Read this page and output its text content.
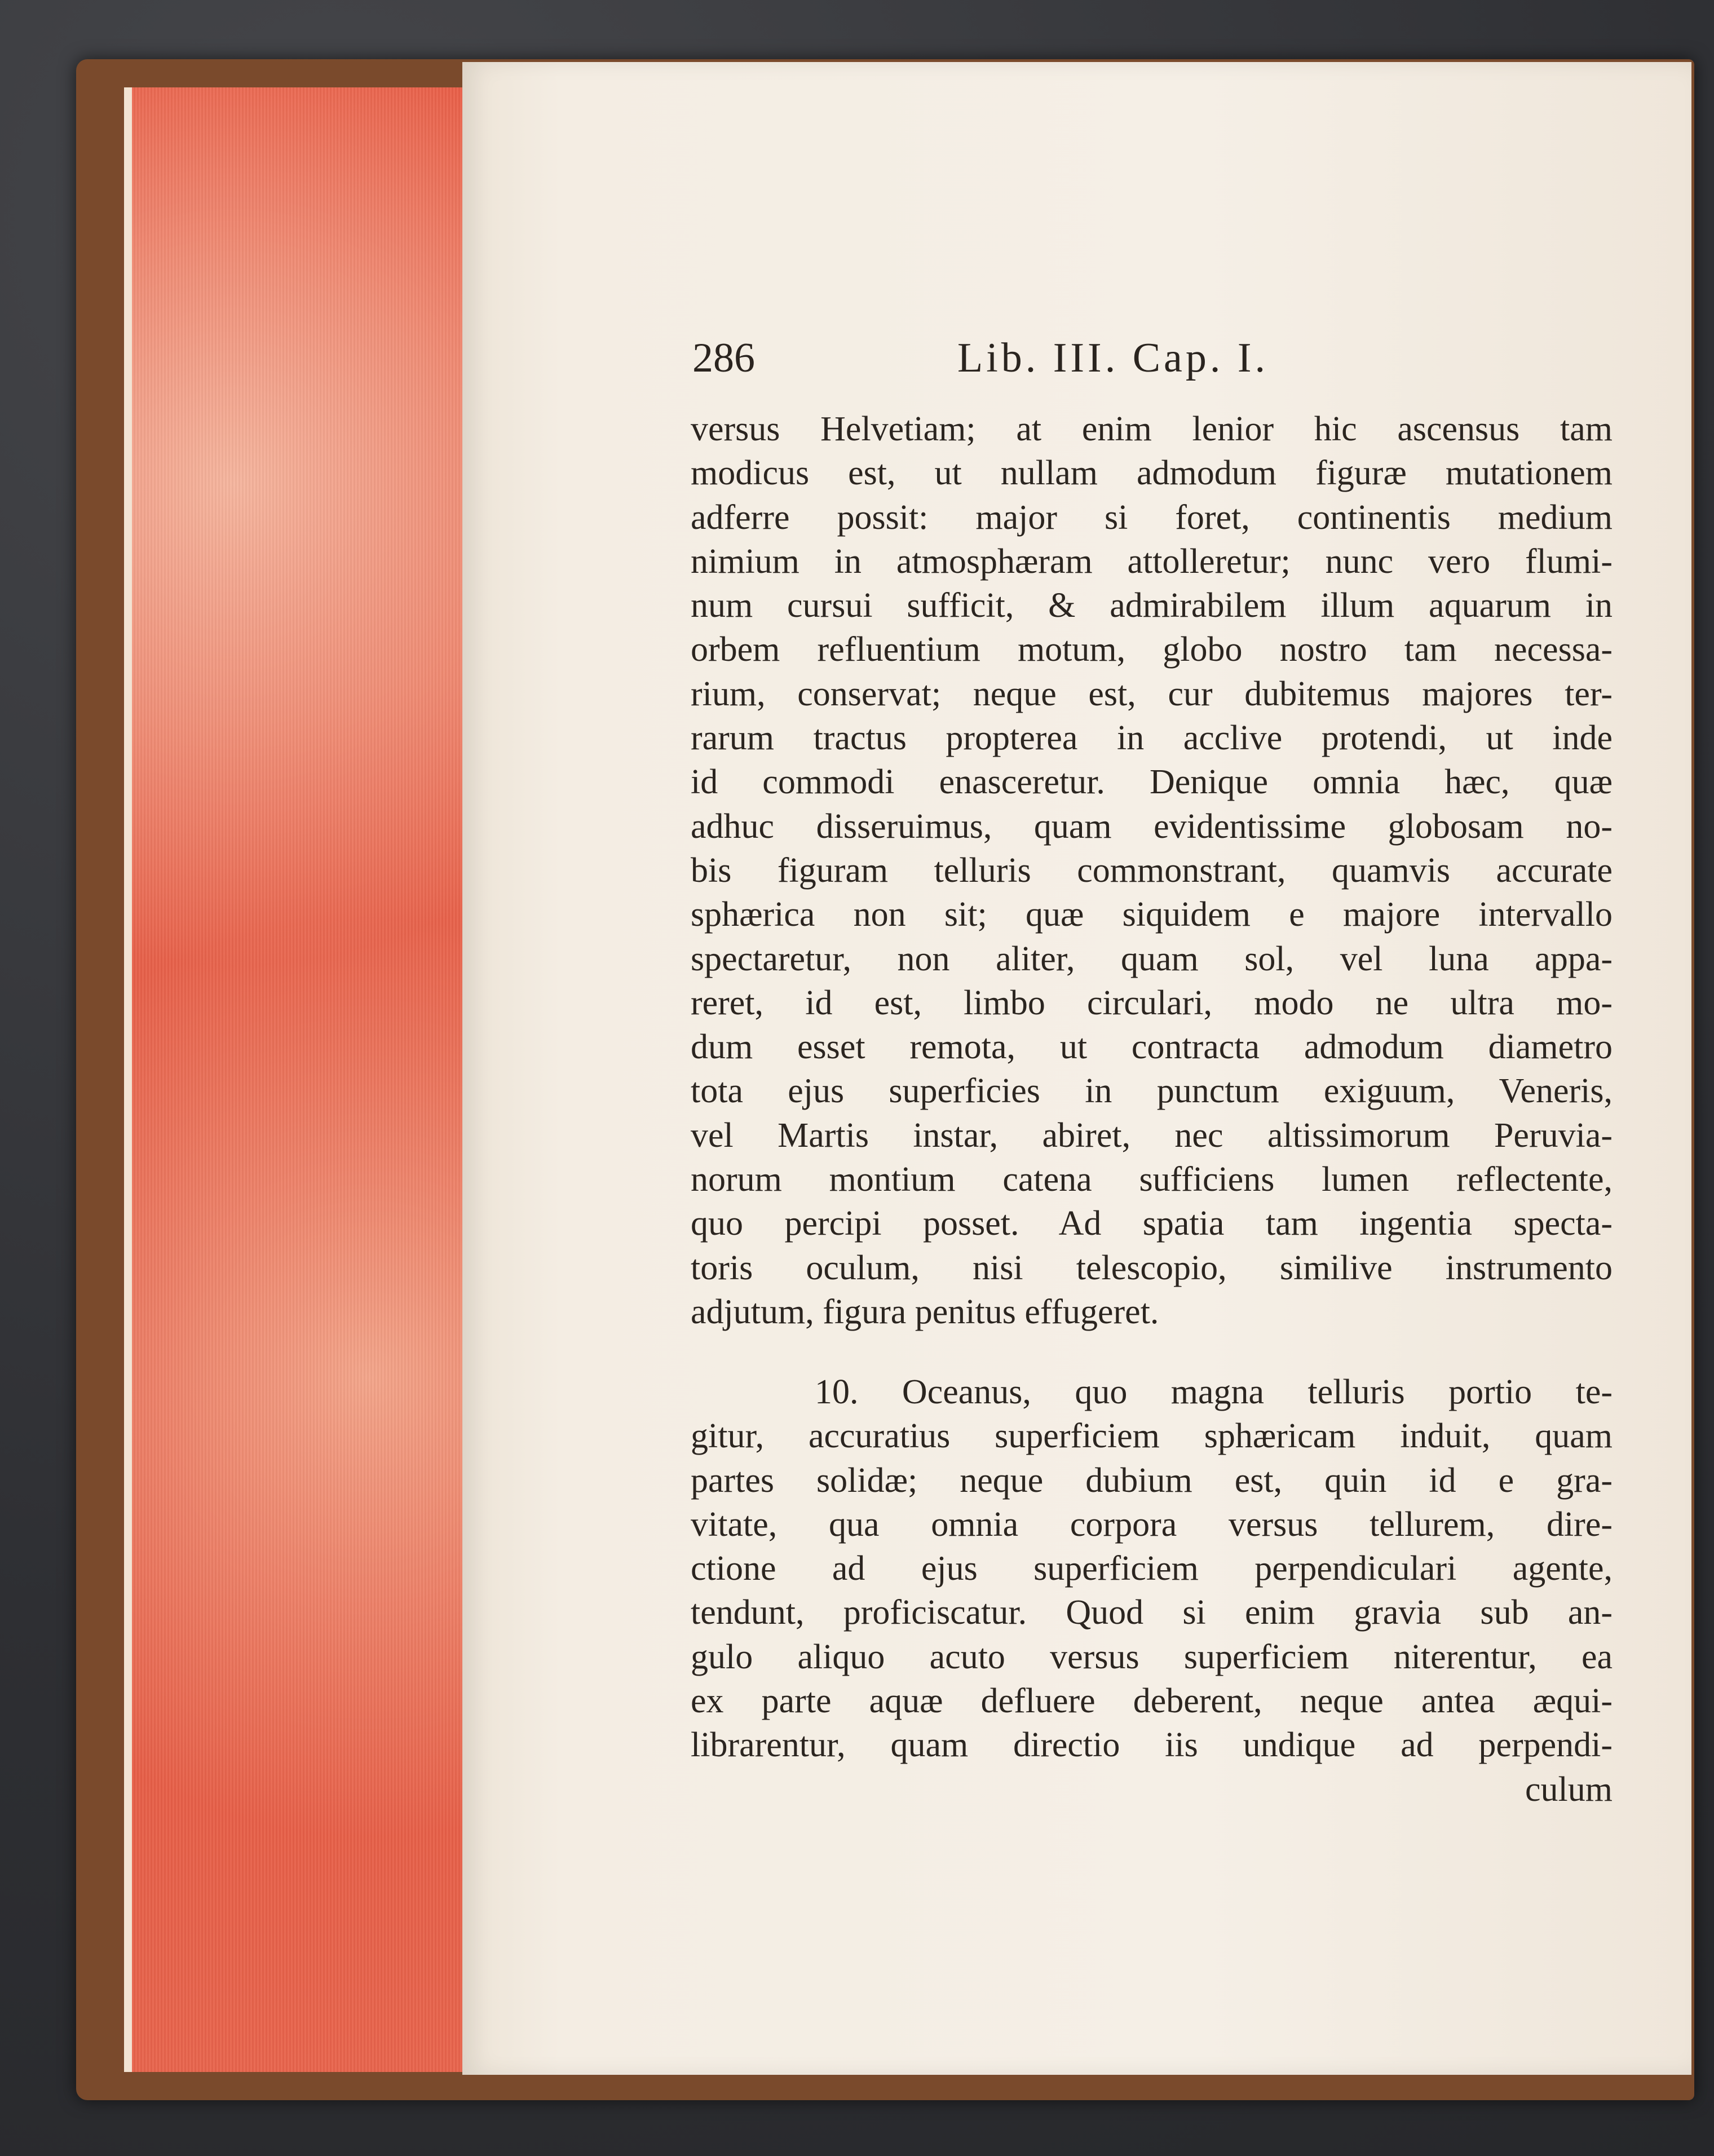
286	Lib. III. Cap. I.
versus Helvetiam; at enim lenior hic ascensus tam
modicus est, ut nullam admodum figuræ mutationem
adferre possit: major si foret, continentis medium
nimium in atmosphæram attolleretur; nunc vero flumi-
num cursui sufficit, & admirabilem illum aquarum in
orbem refluentium motum, globo nostro tam necessa-
rium, conservat; neque est, cur dubitemus majores ter-
rarum tractus propterea in acclive protendi, ut inde
id commodi enasceretur. Denique omnia hæc, quæ
adhuc disseruimus, quam evidentissime globosam no-
bis figuram telluris commonstrant, quamvis accurate
sphærica non sit; quæ siquidem e majore intervallo
spectaretur, non aliter, quam sol, vel luna appa-
reret, id est, limbo circulari, modo ne ultra mo-
dum esset remota, ut contracta admodum diametro
tota ejus superficies in punctum exiguum, Veneris,
vel Martis instar, abiret, nec altissimorum Peruvia-
norum montium catena sufficiens lumen reflectente,
quo percipi posset. Ad spatia tam ingentia specta-
toris oculum, nisi telescopio, similive instrumento
adjutum, figura penitus effugeret.
10. Oceanus, quo magna telluris portio te-
gitur, accuratius superficiem sphæricam induit, quam
partes solidæ; neque dubium est, quin id e gra-
vitate, qua omnia corpora versus tellurem, dire-
ctione ad ejus superficiem perpendiculari agente,
tendunt, proficiscatur. Quod si enim gravia sub an-
gulo aliquo acuto versus superficiem niterentur, ea
ex parte aquæ defluere deberent, neque antea æqui-
librarentur, quam directio iis undique ad perpendi-
culum
